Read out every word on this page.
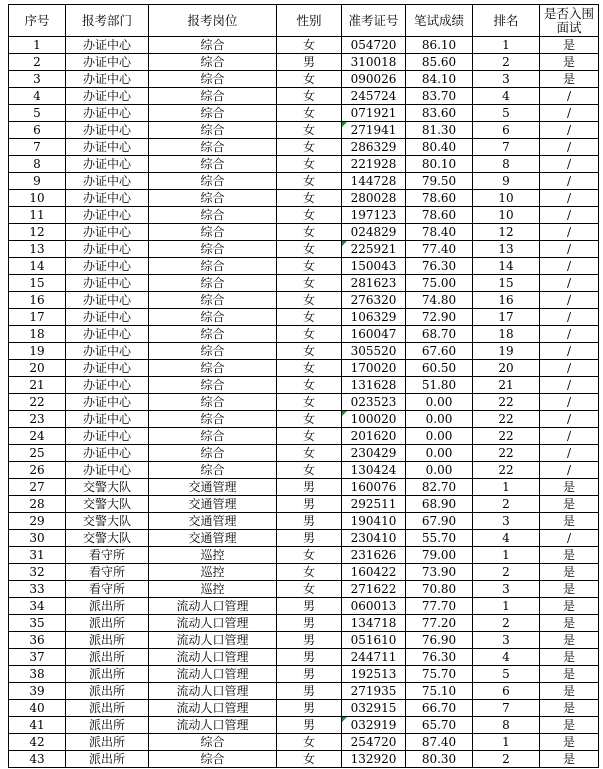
序号	报考部门	报考岗位	性别	准考证号	笔试成绩	排名	是否入围面试
1	办证中心	综合	女	054720	86.10	1	是
2	办证中心	综合	男	310018	85.60	2	是
3	办证中心	综合	女	090026	84.10	3	是
4	办证中心	综合	女	245724	83.70	4	/
5	办证中心	综合	女	071921	83.60	5	/
6	办证中心	综合	女	271941	81.30	6	/
7	办证中心	综合	女	286329	80.40	7	/
8	办证中心	综合	女	221928	80.10	8	/
9	办证中心	综合	女	144728	79.50	9	/
10	办证中心	综合	女	280028	78.60	10	/
11	办证中心	综合	女	197123	78.60	10	/
12	办证中心	综合	女	024829	78.40	12	/
13	办证中心	综合	女	225921	77.40	13	/
14	办证中心	综合	女	150043	76.30	14	/
15	办证中心	综合	女	281623	75.00	15	/
16	办证中心	综合	女	276320	74.80	16	/
17	办证中心	综合	女	106329	72.90	17	/
18	办证中心	综合	女	160047	68.70	18	/
19	办证中心	综合	女	305520	67.60	19	/
20	办证中心	综合	女	170020	60.50	20	/
21	办证中心	综合	女	131628	51.80	21	/
22	办证中心	综合	女	023523	0.00	22	/
23	办证中心	综合	女	100020	0.00	22	/
24	办证中心	综合	女	201620	0.00	22	/
25	办证中心	综合	女	230429	0.00	22	/
26	办证中心	综合	女	130424	0.00	22	/
27	交警大队	交通管理	男	160076	82.70	1	是
28	交警大队	交通管理	男	292511	68.90	2	是
29	交警大队	交通管理	男	190410	67.90	3	是
30	交警大队	交通管理	男	230410	55.70	4	/
31	看守所	巡控	女	231626	79.00	1	是
32	看守所	巡控	女	160422	73.90	2	是
33	看守所	巡控	女	271622	70.80	3	是
34	派出所	流动人口管理	男	060013	77.70	1	是
35	派出所	流动人口管理	男	134718	77.20	2	是
36	派出所	流动人口管理	男	051610	76.90	3	是
37	派出所	流动人口管理	男	244711	76.30	4	是
38	派出所	流动人口管理	男	192513	75.70	5	是
39	派出所	流动人口管理	男	271935	75.10	6	是
40	派出所	流动人口管理	男	032915	66.70	7	是
41	派出所	流动人口管理	男	032919	65.70	8	是
42	派出所	综合	女	254720	87.40	1	是
43	派出所	综合	女	132920	80.30	2	是
